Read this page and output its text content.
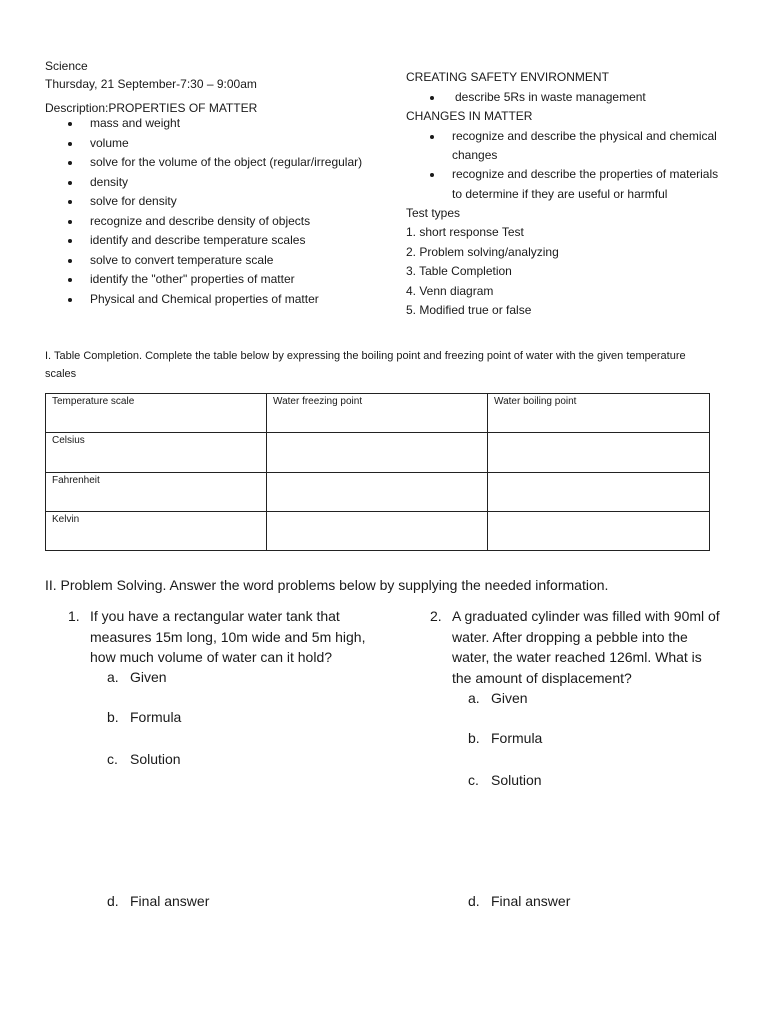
Science
Thursday, 21 September-7:30 – 9:00am
Description:PROPERTIES OF MATTER
mass and weight
volume
solve for the volume of the object (regular/irregular)
density
solve for density
recognize and describe density of objects
identify and describe temperature scales
solve to convert temperature scale
identify the "other" properties of matter
Physical and Chemical properties of matter
CREATING SAFETY ENVIRONMENT
describe 5Rs in waste management
CHANGES IN MATTER
recognize and describe the physical and chemical
changes
recognize and describe the properties of materials
to determine if they are useful or harmful
Test types
1. short response Test
2. Problem solving/analyzing
3. Table Completion
4. Venn diagram
5. Modified true or false
I. Table Completion. Complete the table below by expressing the boiling point and freezing point of water with the given temperature
scales
Temperature scale	Water freezing point	Water boiling point
Celsius		
Fahrenheit		
Kelvin		
II. Problem Solving. Answer the word problems below by supplying the needed information.
1. If you have a rectangular water tank that
measures 15m long, 10m wide and 5m high,
how much volume of water can it hold?
a. Given
b. Formula
c. Solution
d. Final answer
2. A graduated cylinder was filled with 90ml of
water. After dropping a pebble into the
water, the water reached 126ml. What is
the amount of displacement?
a. Given
b. Formula
c. Solution
d. Final answer
